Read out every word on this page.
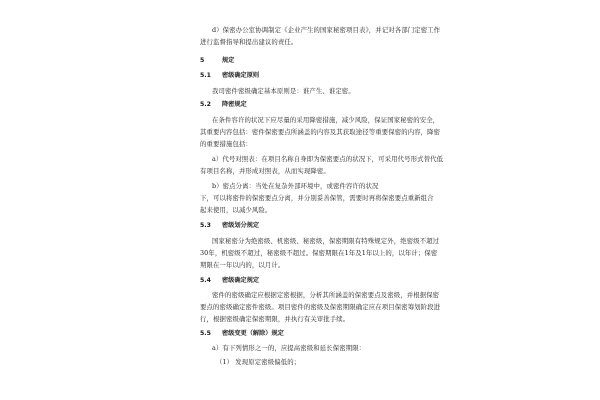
d）保密办公室协调制定《企业产生的国家秘密项目表》，并记对各部门定密工作
进行监督指导和提出建议的责任。
5	规定
5.1 密级确定原则
我司密件密级确定基本原则是：谁产生、谁定密。
5.2 降密规定
在条件容许的状况下应尽量的采用降密措施，减少风险，保证国家秘密的安全，
其重要内容包括：密件保密要点所涵盖的内容及其获取途径等重要保密的内容，降密
的重要措施包括：
a）代号对照表：在项目名称自身即为保密要点的状况下，可采用代号形式替代低
有项目名称，并形成对照表，从而实现降密。
b）密点分离：当处在复杂外部环境中，或密件容许的状况
下，可以将密件的保密要点分离，并分别妥善保管，需要时再将保密要点重新组合
起来使用，以减少风险。
5.3 密级划分规定
国家秘密分为绝密级、机密级、秘密级，保密期限有特殊规定外，绝密级不超过
30年，机密级不超过，秘密级不超过。保密期限在1年及1年以上的，以年计；保密
期限在一年以内的，以月计。
5.4 密级确定规定
密件的密级确定应根据定密根据，分析其所涵盖的保密要点及密级，并根据保密
要点的密级确定密件密级。项目密件的密级及保密期限确定应在项目保密筹划阶段进
行，根据密级确定保密期限，并执行有关审批手续。
5.5 密级变更（解除）规定
a）有下列情形之一的，应提高密级和延长保密期限：
（1） 发现原定密级偏低的；
